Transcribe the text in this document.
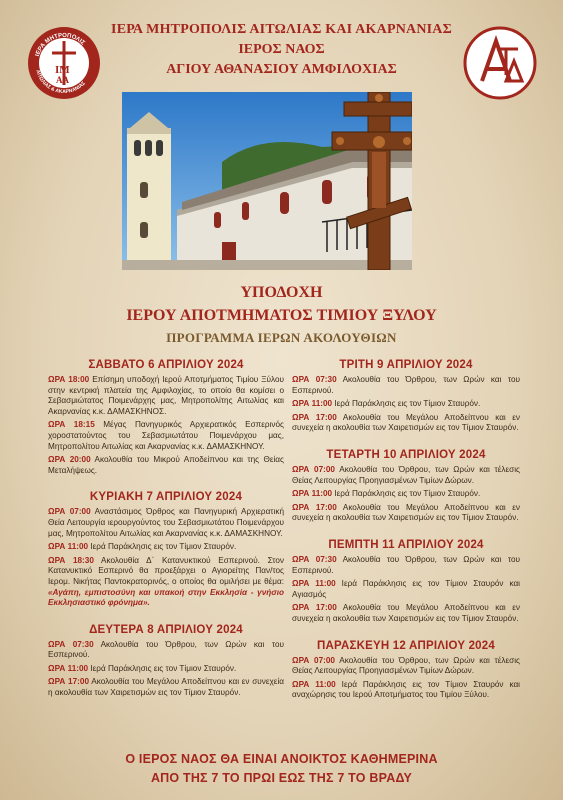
ΙΕΡΑ ΜΗΤΡΟΠΟΛΙΣ ΑΙΤΩΛΙΑΣ ΚΑΙ ΑΚΑΡΝΑΝΙΑΣ
ΙΕΡΟΣ ΝΑΟΣ
ΑΓΙΟΥ ΑΘΑΝΑΣΙΟΥ ΑΜΦΙΛΟΧΙΑΣ
ΙΜ
ΑΑ
ΙΕΡΑ ΜΗΤΡΟΠΟΛΙΣ
ΑΙΤΩΛΙΑΣ & ΑΚΑΡΝΑΝΙΑΣ
ΥΠΟΔΟΧΗ
ΙΕΡΟΥ ΑΠΟΤΜΗΜΑΤΟΣ ΤΙΜΙΟΥ ΞΥΛΟΥ
ΠΡΟΓΡΑΜΜΑ ΙΕΡΩΝ ΑΚΟΛΟΥΘΙΩΝ
ΣΑΒΒΑΤΟ 6 ΑΠΡΙΛΙΟΥ 2024
ΩΡΑ 18:00 Επίσημη υποδοχή Ιερού Αποτμήματος Τιμίου Ξύλου στην κεντρική πλατεία της Αμφιλοχίας, το οποίο θα κομίσει ο Σεβασμιώτατος Ποιμενάρχης μας, Μητροπολίτης Αιτωλίας και Ακαρνανίας κ.κ. ΔΑΜΑΣΚΗΝΟΣ.
ΩΡΑ 18:15 Μέγας Πανηγυρικός Αρχιερατικός Εσπερινός χοροστατούντος του Σεβασμιωτάτου Ποιμενάρχου μας, Μητροπολίτου Αιτωλίας και Ακαρνανίας κ.κ. ΔΑΜΑΣΚΗΝΟΥ.
ΩΡΑ 20:00 Ακολουθία του Μικρού Αποδείπνου και της Θείας Μεταλήψεως.
ΚΥΡΙΑΚΗ 7 ΑΠΡΙΛΙΟΥ 2024
ΩΡΑ 07:00 Αναστάσιμος Όρθρος και Πανηγυρική Αρχιερατική Θεία Λειτουργία ιερουργούντος του Σεβασμιωτάτου Ποιμενάρχου μας, Μητροπολίτου Αιτωλίας και Ακαρνανίας κ.κ. ΔΑΜΑΣΚΗΝΟΥ.
ΩΡΑ 11:00 Ιερά Παράκλησις εις τον Τίμιον Σταυρόν.
ΩΡΑ 18:30 Ακολουθία Δ΄ Κατανυκτικού Εσπερινού. Στον Κατανυκτικό Εσπερινό θα προεξάρχει ο Αγιορείτης Παν/τος Ιερομ. Νικήτας Παντοκρατορινός, ο οποίος θα ομιλήσει με θέμα: «Αγάπη, εμπιστοσύνη και υπακοή στην Εκκλησία - γνήσιο Εκκλησιαστικό φρόνημα».
ΔΕΥΤΕΡΑ 8 ΑΠΡΙΛΙΟΥ 2024
ΩΡΑ 07:30 Ακολουθία του Όρθρου, των Ωρών και του Εσπερινού.
ΩΡΑ 11:00 Ιερά Παράκλησις εις τον Τίμιον Σταυρόν.
ΩΡΑ 17:00 Ακολουθία του Μεγάλου Αποδείπνου και εν συνεχεία η ακολουθία των Χαιρετισμών εις τον Τίμιον Σταυρόν.
ΤΡΙΤΗ 9 ΑΠΡΙΛΙΟΥ 2024
ΩΡΑ 07:30 Ακολουθία του Όρθρου, των Ωρών και του Εσπερινού.
ΩΡΑ 11:00 Ιερά Παράκλησις εις τον Τίμιον Σταυρόν.
ΩΡΑ 17:00 Ακολουθία του Μεγάλου Αποδείπνου και εν συνεχεία η ακολουθία των Χαιρετισμών εις τον Τίμιον Σταυρόν.
ΤΕΤΑΡΤΗ 10 ΑΠΡΙΛΙΟΥ 2024
ΩΡΑ 07:00 Ακολουθία του Όρθρου, των Ωρών και τέλεσις Θείας Λειτουργίας Προηγιασμένων Τιμίων Δώρων.
ΩΡΑ 11:00 Ιερά Παράκλησις εις τον Τίμιον Σταυρόν.
ΩΡΑ 17:00 Ακολουθία του Μεγάλου Αποδείπνου και εν συνεχεία η ακολουθία των Χαιρετισμών εις τον Τίμιον Σταυρόν.
ΠΕΜΠΤΗ 11 ΑΠΡΙΛΙΟΥ 2024
ΩΡΑ 07:30 Ακολουθία του Όρθρου, των Ωρών και του Εσπερινού.
ΩΡΑ 11:00 Ιερά Παράκλησις εις τον Τίμιον Σταυρόν και Αγιασμός
ΩΡΑ 17:00 Ακολουθία του Μεγάλου Αποδείπνου και εν συνεχεία η ακολουθία των Χαιρετισμών εις τον Τίμιον Σταυρόν.
ΠΑΡΑΣΚΕΥΗ 12 ΑΠΡΙΛΙΟΥ 2024
ΩΡΑ 07:00 Ακολουθία του Όρθρου, των Ωρών και τέλεσις Θείας Λειτουργίας Προηγιασμένων Τιμίων Δώρων.
ΩΡΑ 11:00 Ιερά Παράκλησις εις τον Τίμιον Σταυρόν και αναχώρησις του Ιερού Αποτμήματος του Τιμίου Ξύλου.
Ο ΙΕΡΟΣ ΝΑΟΣ ΘΑ ΕΙΝΑΙ ΑΝΟΙΚΤΟΣ ΚΑΘΗΜΕΡΙΝΑ
ΑΠΟ ΤΗΣ 7 ΤΟ ΠΡΩΙ ΕΩΣ ΤΗΣ 7 ΤΟ ΒΡΑΔΥ
